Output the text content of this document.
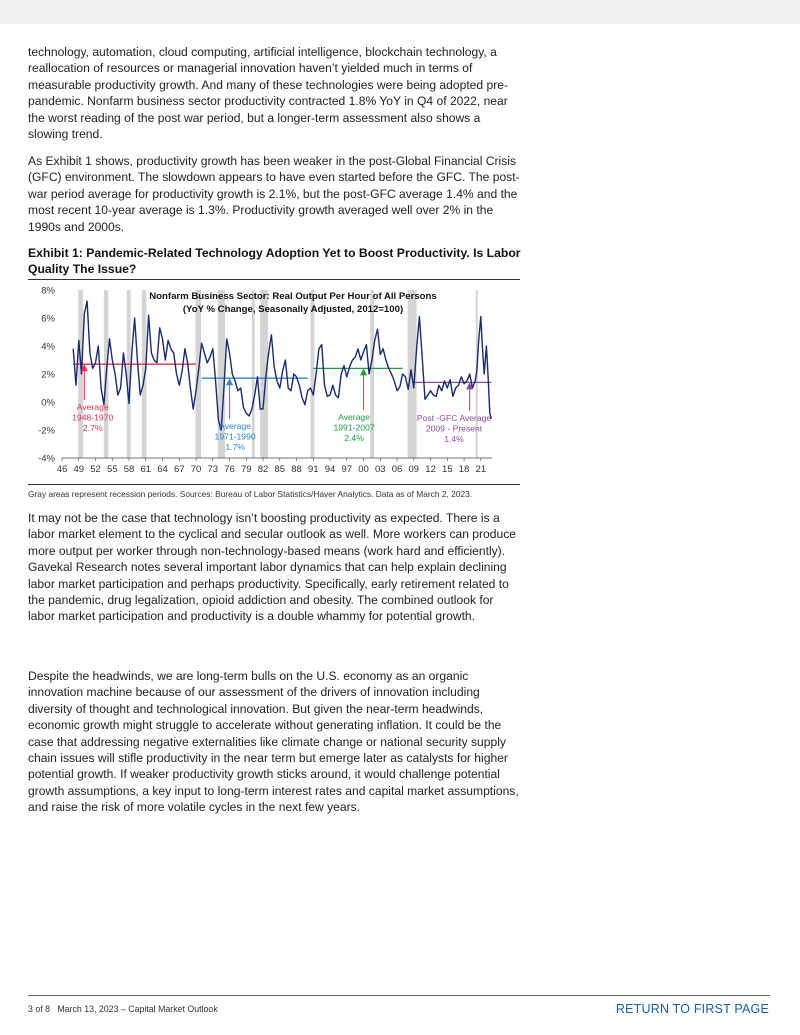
technology, automation, cloud computing, artificial intelligence, blockchain technology, a reallocation of resources or managerial innovation haven’t yielded much in terms of measurable productivity growth. And many of these technologies were being adopted pre-pandemic. Nonfarm business sector productivity contracted 1.8% YoY in Q4 of 2022, near the worst reading of the post war period, but a longer-term assessment also shows a slowing trend.

As Exhibit 1 shows, productivity growth has been weaker in the post-Global Financial Crisis (GFC) environment. The slowdown appears to have even started before the GFC. The post-war period average for productivity growth is 2.1%, but the post-GFC average 1.4% and the most recent 10-year average is 1.3%. Productivity growth averaged well over 2% in the 1990s and 2000s.

Exhibit 1: Pandemic-Related Technology Adoption Yet to Boost Productivity. Is Labor Quality The Issue?

-4%
-2%
0%
2%
4%
6%
8%
46 49 52 55 58 61 64 67 70 73 76 79 82 85 88 91 94 97 00 03 06 09 12 15 18 21
Nonfarm Business Sector: Real Output Per Hour of All Persons
(YoY % Change, Seasonally Adjusted, 2012=100)
Average 1948-1970 2.7%	Average 1971-1990 1.7%
Average 1991-2007 2.4%
Post -GFC Average 2009 - Present 1.4%
Gray areas represent recession periods. Sources: Bureau of Labor Statistics/Haver Analytics. Data as of March 2, 2023.

It may not be the case that technology isn’t boosting productivity as expected. There is a labor market element to the cyclical and secular outlook as well. More workers can produce more output per worker through non-technology-based means (work hard and efficiently). Gavekal Research notes several important labor dynamics that can help explain declining labor market participation and perhaps productivity. Specifically, early retirement related to the pandemic, drug legalization, opioid addiction and obesity. The combined outlook for labor market participation and productivity is a double whammy for potential growth.

Despite the headwinds, we are long-term bulls on the U.S. economy as an organic innovation machine because of our assessment of the drivers of innovation including diversity of thought and technological innovation. But given the near-term headwinds, economic growth might struggle to accelerate without generating inflation. It could be the case that addressing negative externalities like climate change or national security supply chain issues will stifle productivity in the near term but emerge later as catalysts for higher potential growth. If weaker productivity growth sticks around, it would challenge potential growth assumptions, a key input to long-term interest rates and capital market assumptions, and raise the risk of more volatile cycles in the next few years.

3 of 8   March 13, 2023 – Capital Market Outlook	RETURN TO FIRST PAGE
